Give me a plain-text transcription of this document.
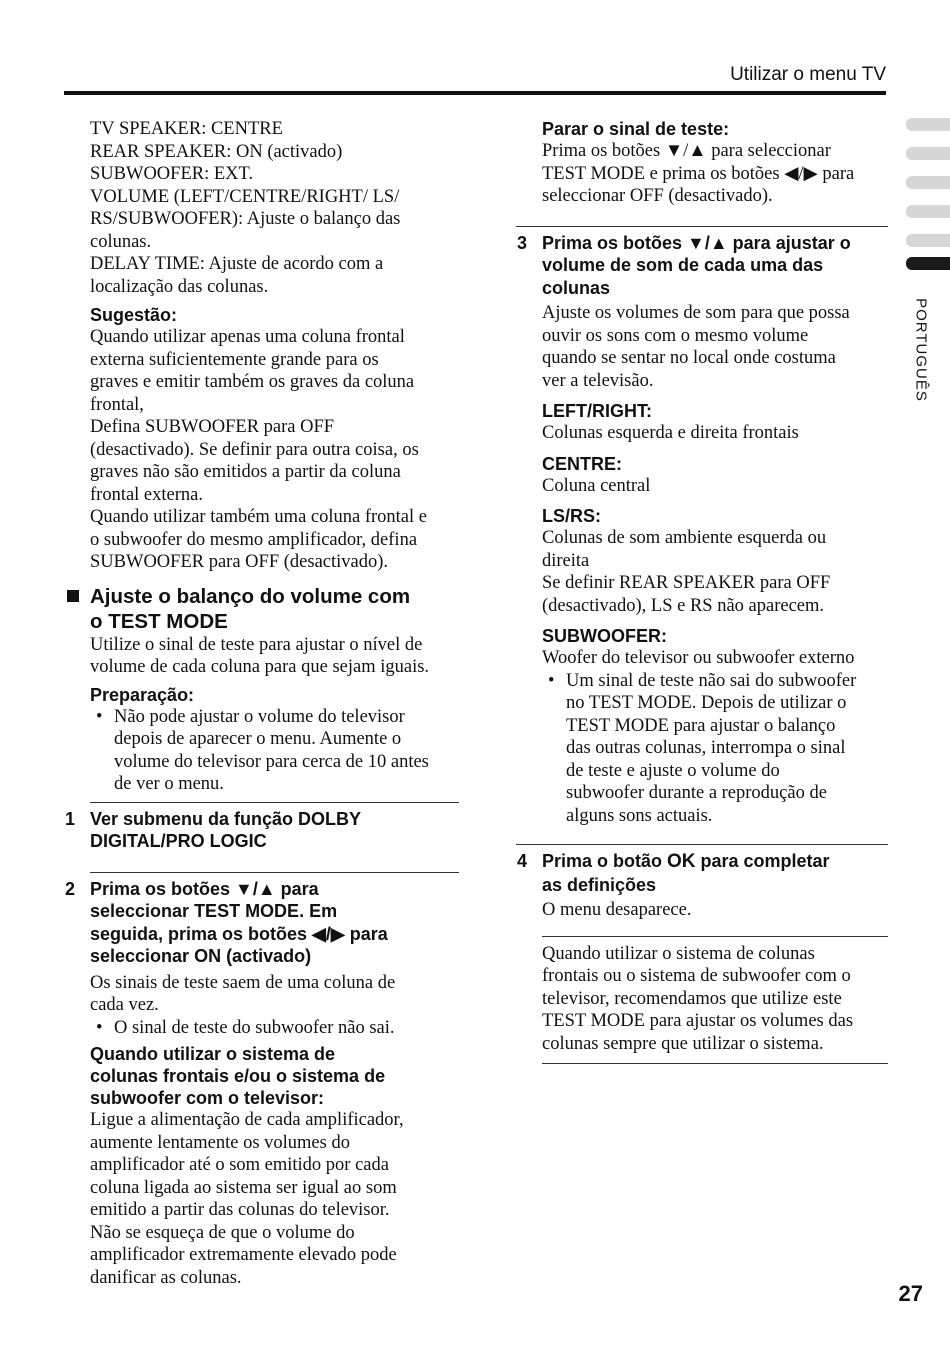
Utilizar o menu TV
PORTUGUÊS
TV SPEAKER: CENTRE
REAR SPEAKER: ON (activado)
SUBWOOFER: EXT.
VOLUME (LEFT/CENTRE/RIGHT/ LS/
RS/SUBWOOFER): Ajuste o balanço das
colunas.
DELAY TIME: Ajuste de acordo com a
localização das colunas.
Sugestão:
Quando utilizar apenas uma coluna frontal
externa suficientemente grande para os
graves e emitir também os graves da coluna
frontal,
Defina SUBWOOFER para OFF
(desactivado). Se definir para outra coisa, os
graves não são emitidos a partir da coluna
frontal externa.
Quando utilizar também uma coluna frontal e
o subwoofer do mesmo amplificador, defina
SUBWOOFER para OFF (desactivado).
Ajuste o balanço do volume com
o TEST MODE
Utilize o sinal de teste para ajustar o nível de
volume de cada coluna para que sejam iguais.
Preparação:
• Não pode ajustar o volume do televisor
depois de aparecer o menu. Aumente o
volume do televisor para cerca de 10 antes
de ver o menu.
1 Ver submenu da função DOLBY
DIGITAL/PRO LOGIC
2 Prima os botões ▼/▲ para
seleccionar TEST MODE. Em
seguida, prima os botões ◀/▶ para
seleccionar ON (activado)
Os sinais de teste saem de uma coluna de
cada vez.
• O sinal de teste do subwoofer não sai.
Quando utilizar o sistema de
colunas frontais e/ou o sistema de
subwoofer com o televisor:
Ligue a alimentação de cada amplificador,
aumente lentamente os volumes do
amplificador até o som emitido por cada
coluna ligada ao sistema ser igual ao som
emitido a partir das colunas do televisor.
Não se esqueça de que o volume do
amplificador extremamente elevado pode
danificar as colunas.
Parar o sinal de teste:
Prima os botões ▼/▲ para seleccionar
TEST MODE e prima os botões ◀/▶ para
seleccionar OFF (desactivado).
3 Prima os botões ▼/▲ para ajustar o
volume de som de cada uma das
colunas
Ajuste os volumes de som para que possa
ouvir os sons com o mesmo volume
quando se sentar no local onde costuma
ver a televisão.
LEFT/RIGHT:
Colunas esquerda e direita frontais
CENTRE:
Coluna central
LS/RS:
Colunas de som ambiente esquerda ou
direita
Se definir REAR SPEAKER para OFF
(desactivado), LS e RS não aparecem.
SUBWOOFER:
Woofer do televisor ou subwoofer externo
• Um sinal de teste não sai do subwoofer
no TEST MODE. Depois de utilizar o
TEST MODE para ajustar o balanço
das outras colunas, interrompa o sinal
de teste e ajuste o volume do
subwoofer durante a reprodução de
alguns sons actuais.
4 Prima o botão OK para completar
as definições
O menu desaparece.
Quando utilizar o sistema de colunas
frontais ou o sistema de subwoofer com o
televisor, recomendamos que utilize este
TEST MODE para ajustar os volumes das
colunas sempre que utilizar o sistema.
27
